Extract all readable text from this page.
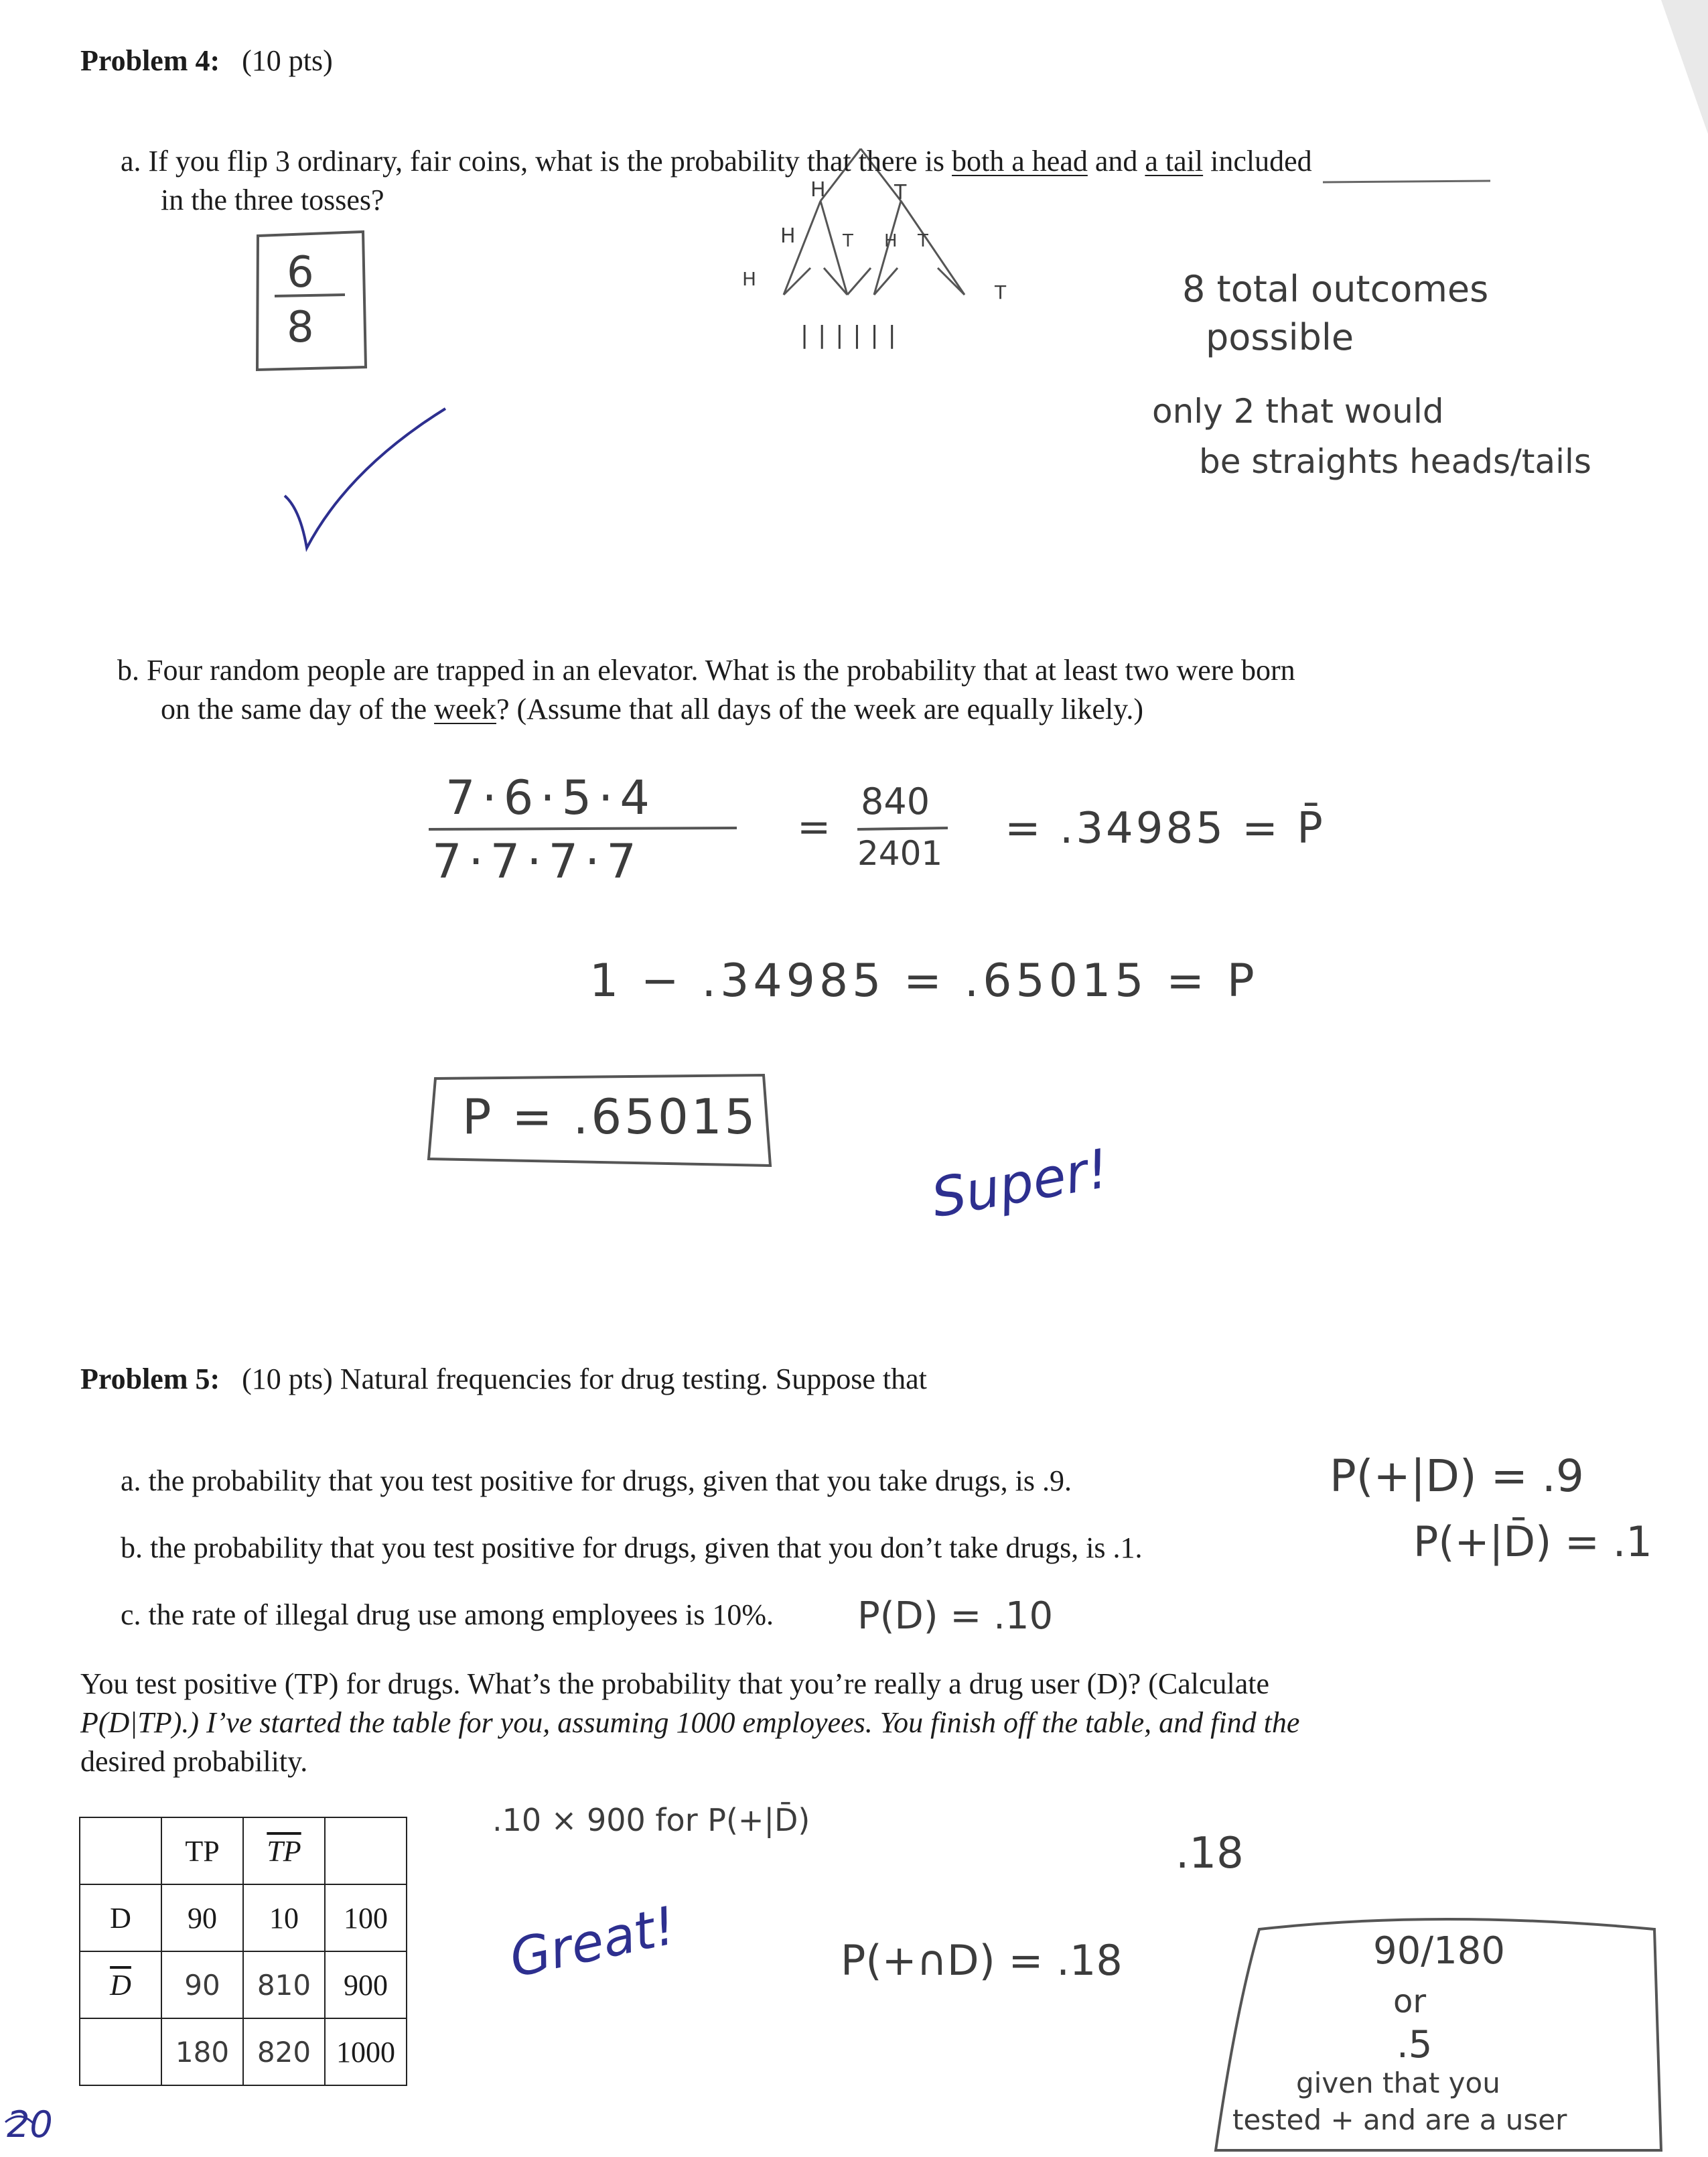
Problem 4: (10 pts)
a. If you flip 3 ordinary, fair coins, what is the probability that there is both a head and a tail included
in the three tosses?
6
8
H	T
H	T H T
H
T
||||||
8 total outcomes
possible
only 2 that would
be straights heads/tails
b. Four random people are trapped in an elevator. What is the probability that at least two were born
on the same day of the week? (Assume that all days of the week are equally likely.)
7·6·5·4
7·7·7·7
=
840
2401 = .34985 = P̄
1 − .34985 = .65015 = P
P = .65015
Super!
Problem 5: (10 pts) Natural frequencies for drug testing. Suppose that
a. the probability that you test positive for drugs, given that you take drugs, is .9.	P(+|D) = .9
b. the probability that you test positive for drugs, given that you don’t take drugs, is .1.	P(+|D̄) = .1
c. the rate of illegal drug use among employees is 10%. P(D) = .10
You test positive (TP) for drugs. What’s the probability that you’re really a drug user (D)? (Calculate
P(D|TP).) I’ve started the table for you, assuming 1000 employees. You finish off the table, and find the
desired probability.
	TP	$\overline{TP}$	
D	90	10	100
$\overline{D}$	90	810	900
	180	820	1000
.10 × 900 for P(+|D̄)
.18
P(+∩D) = .18
Great!	90/180
or
.5
given that you
tested + and are a user
20
